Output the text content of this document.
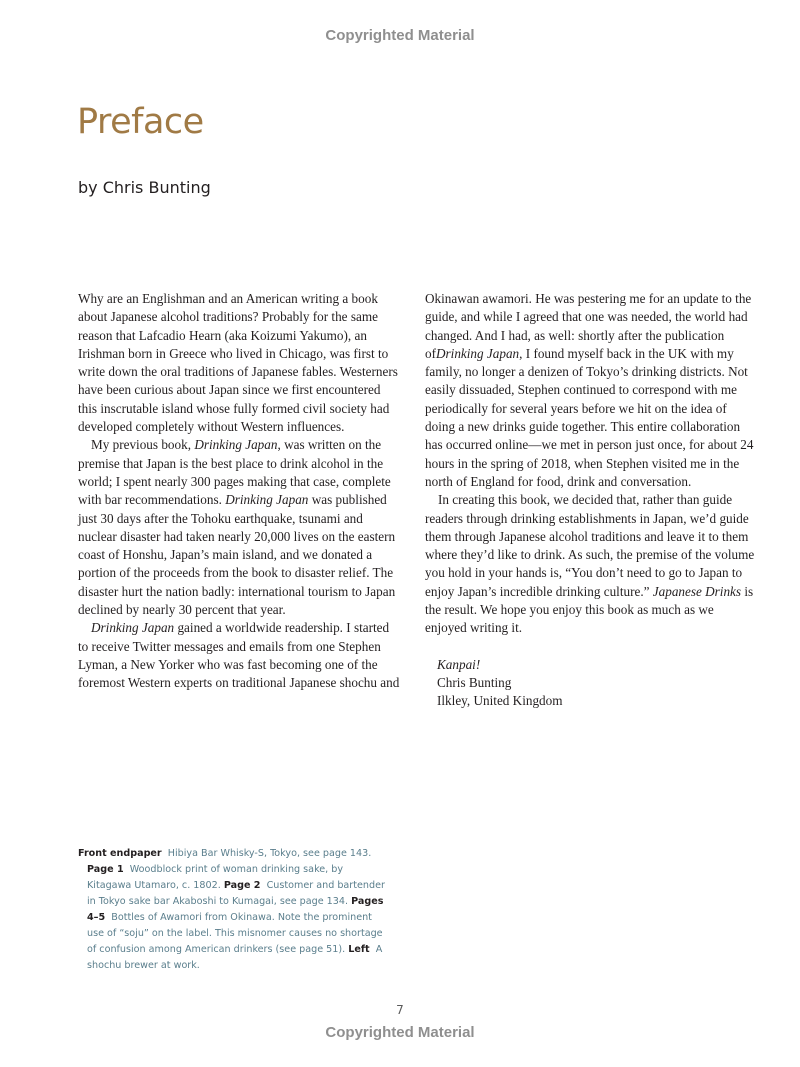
Copyrighted Material
Preface
by Chris Bunting

Why are an Englishman and an American writing a book about Japanese alcohol traditions? Probably for the same reason that Lafcadio Hearn (aka Koizumi Yakumo), an Irishman born in Greece who lived in Chicago, was first to write down the oral traditions of Japanese fables. Westerners have been curious about Japan since we first encountered this inscrutable island whose fully formed civil society had developed completely without Western influences.

My previous book, Drinking Japan, was written on the premise that Japan is the best place to drink alcohol in the world; I spent nearly 300 pages making that case, complete with bar recommendations. Drinking Japan was published just 30 days after the Tohoku earthquake, tsunami and nuclear disaster had taken nearly 20,000 lives on the eastern coast of Honshu, Japan’s main island, and we donated a portion of the proceeds from the book to disaster relief. The disaster hurt the nation badly: international tourism to Japan declined by nearly 30 percent that year.

Drinking Japan gained a worldwide readership. I started to receive Twitter messages and emails from one Stephen Lyman, a New Yorker who was fast becoming one of the foremost Western experts on traditional Japanese shochu and

Okinawan awamori. He was pestering me for an update to the guide, and while I agreed that one was needed, the world had changed. And I had, as well: shortly after the publication ofDrinking Japan, I found myself back in the UK with my family, no longer a denizen of Tokyo’s drinking districts. Not easily dissuaded, Stephen continued to correspond with me periodically for several years before we hit on the idea of doing a new drinks guide together. This entire collaboration has occurred online—we met in person just once, for about 24 hours in the spring of 2018, when Stephen visited me in the north of England for food, drink and conversation.

In creating this book, we decided that, rather than guide readers through drinking establishments in Japan, we’d guide them through Japanese alcohol traditions and leave it to them where they’d like to drink. As such, the premise of the volume you hold in your hands is, “You don’t need to go to Japan to enjoy Japan’s incredible drinking culture.” Japanese Drinks is the result. We hope you enjoy this book as much as we enjoyed writing it.

Kanpai!
Chris Bunting
Ilkley, United Kingdom
Front endpaper Hibiya Bar Whisky-S, Tokyo, see page 143. Page 1 Woodblock print of woman drinking sake, by Kitagawa Utamaro, c. 1802. Page 2 Customer and bartender in Tokyo sake bar Akaboshi to Kumagai, see page 134. Pages 4–5 Bottles of Awamori from Okinawa. Note the prominent use of “soju” on the label. This misnomer causes no shortage of confusion among American drinkers (see page 51). Left A shochu brewer at work.
7
Copyrighted Material
